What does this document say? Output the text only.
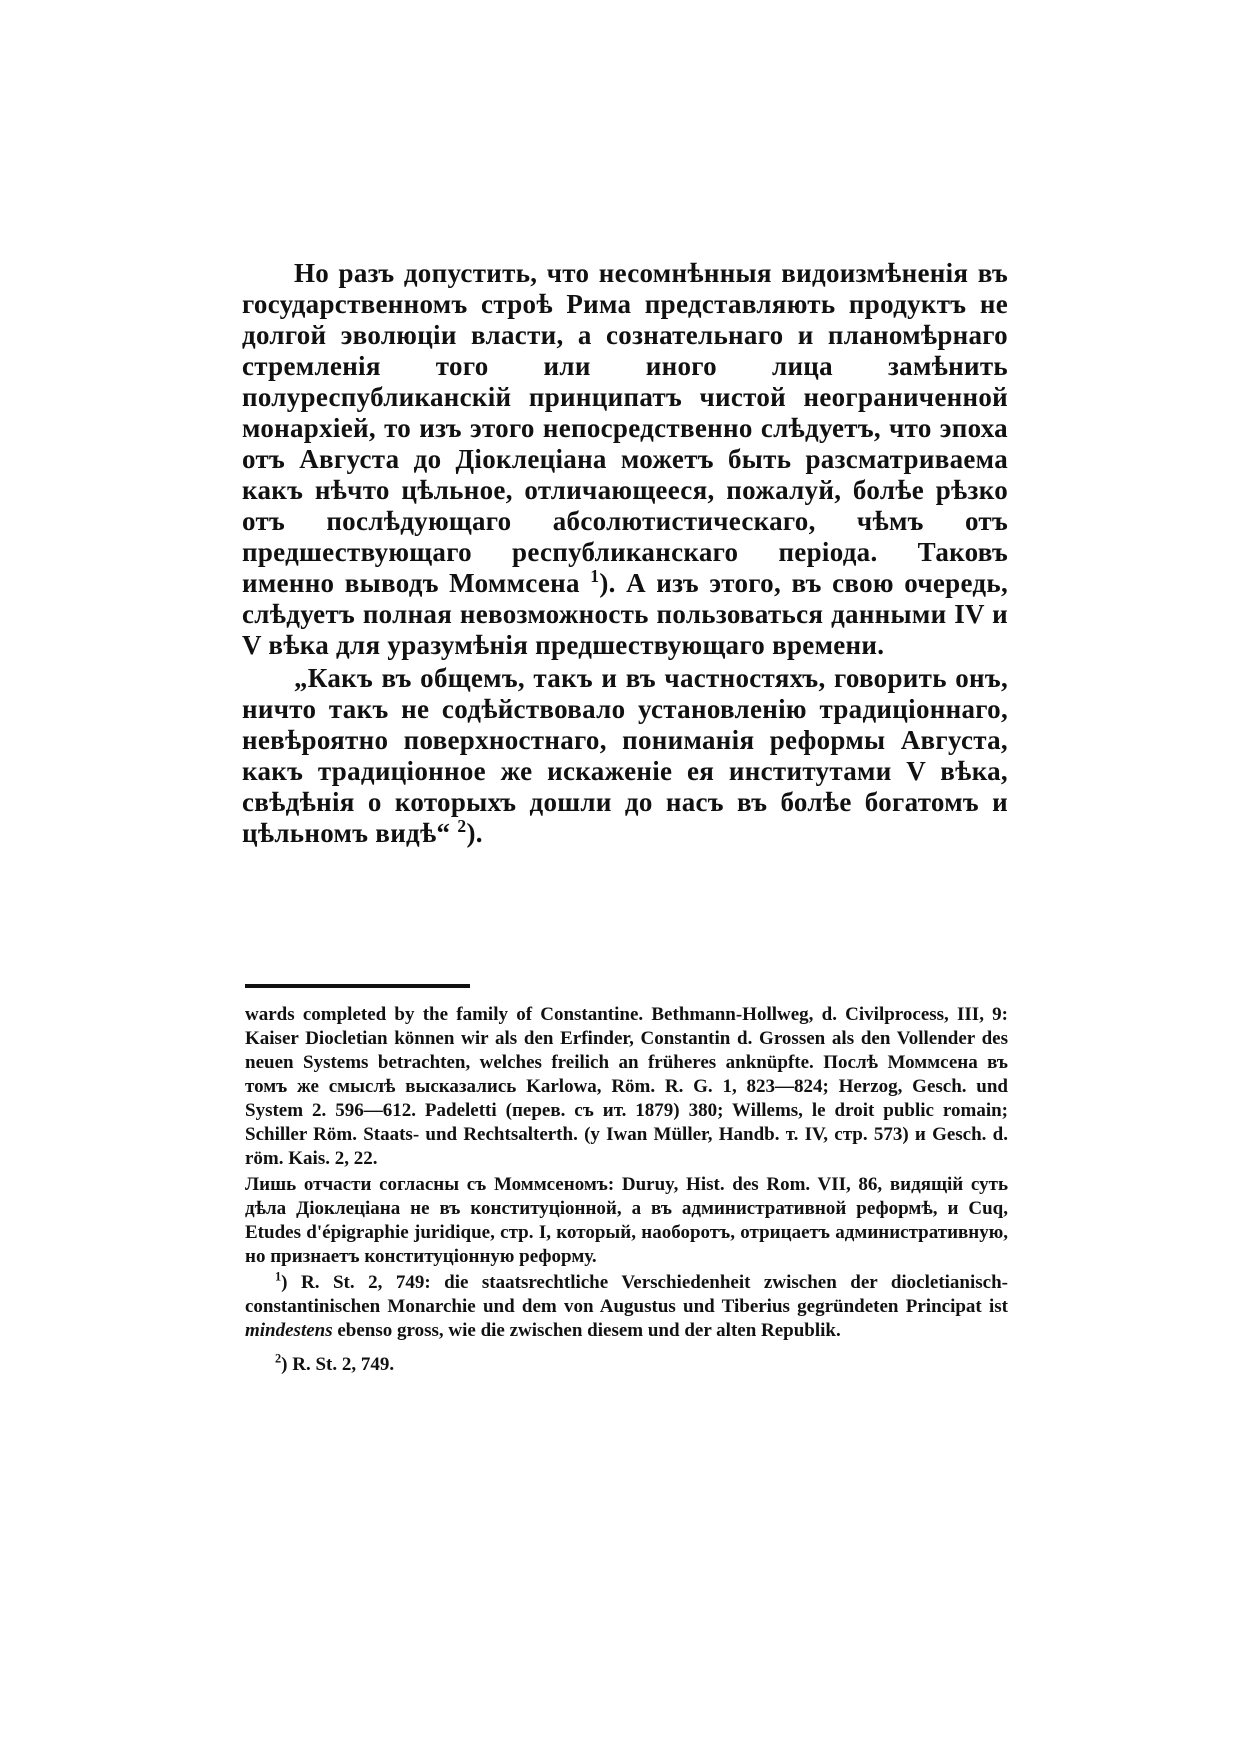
Но разъ допустить, что несомнѣнныя видоизмѣненія въ государственномъ строѣ Рима представляють продуктъ не долгой эволюціи власти, а сознательнаго и планомѣрнаго стремленія того или иного лица замѣнить полуреспубликанскій принципатъ чистой неограниченной монархіей, то изъ этого непосредственно слѣдуетъ, что эпоха отъ Августа до Діоклеціана можетъ быть разсматриваема какъ нѣчто цѣльное, отличающееся, пожалуй, болѣе рѣзко отъ послѣдующаго абсолютистическаго, чѣмъ отъ предшествующаго республиканскаго періода. Таковъ именно выводъ Моммсена $^1$). А изъ этого, въ свою очередь, слѣдуетъ полная невозможность пользоваться данными IV и V вѣка для уразумѣнія предшествующаго времени.

„Какъ въ общемъ, такъ и въ частностяхъ, говорить онъ, ничто такъ не содѣйствовало установленію традиціоннаго, невѣроятно поверхностнаго, пониманія реформы Августа, какъ традиціонное же искаженіе ея институтами V вѣка, свѣдѣнія о которыхъ дошли до насъ въ болѣе богатомъ и цѣльномъ видѣ“ $^2$).

wards completed by the family of Constantine. Bethmann-Hollweg, d. Civilprocess, III, 9: Kaiser Diocletian können wir als den Erfinder, Constantin d. Grossen als den Vollender des neuen Systems betrachten, welches freilich an früheres anknüpfte. Послѣ Моммсена въ томъ же смыслѣ высказались Karlowa, Röm. R. G. 1, 823—824; Herzog, Gesch. und System 2. 596—612. Padeletti (перев. съ ит. 1879) 380; Willems, le droit public romain; Schiller Röm. Staats- und Rechtsalterth. (у Iwan Müller, Handb. т. IV, стр. 573) и Gesch. d. röm. Kais. 2, 22.

Лишь отчасти согласны съ Моммсеномъ: Duruy, Hist. des Rom. VII, 86, видящій суть дѣла Діоклеціана не въ конституціонной, а въ административной реформѣ, и Cuq, Etudes d'épigraphie juridique, стр. I, который, наоборотъ, отрицаетъ административную, но признаетъ конституціонную реформу.

$^1$) R. St. 2, 749: die staatsrechtliche Verschiedenheit zwischen der diocletianisch-constantinischen Monarchie und dem von Augustus und Tiberius gegründeten Principat ist mindestens ebenso gross, wie die zwischen diesem und der alten Republik.

$^2$) R. St. 2, 749.
